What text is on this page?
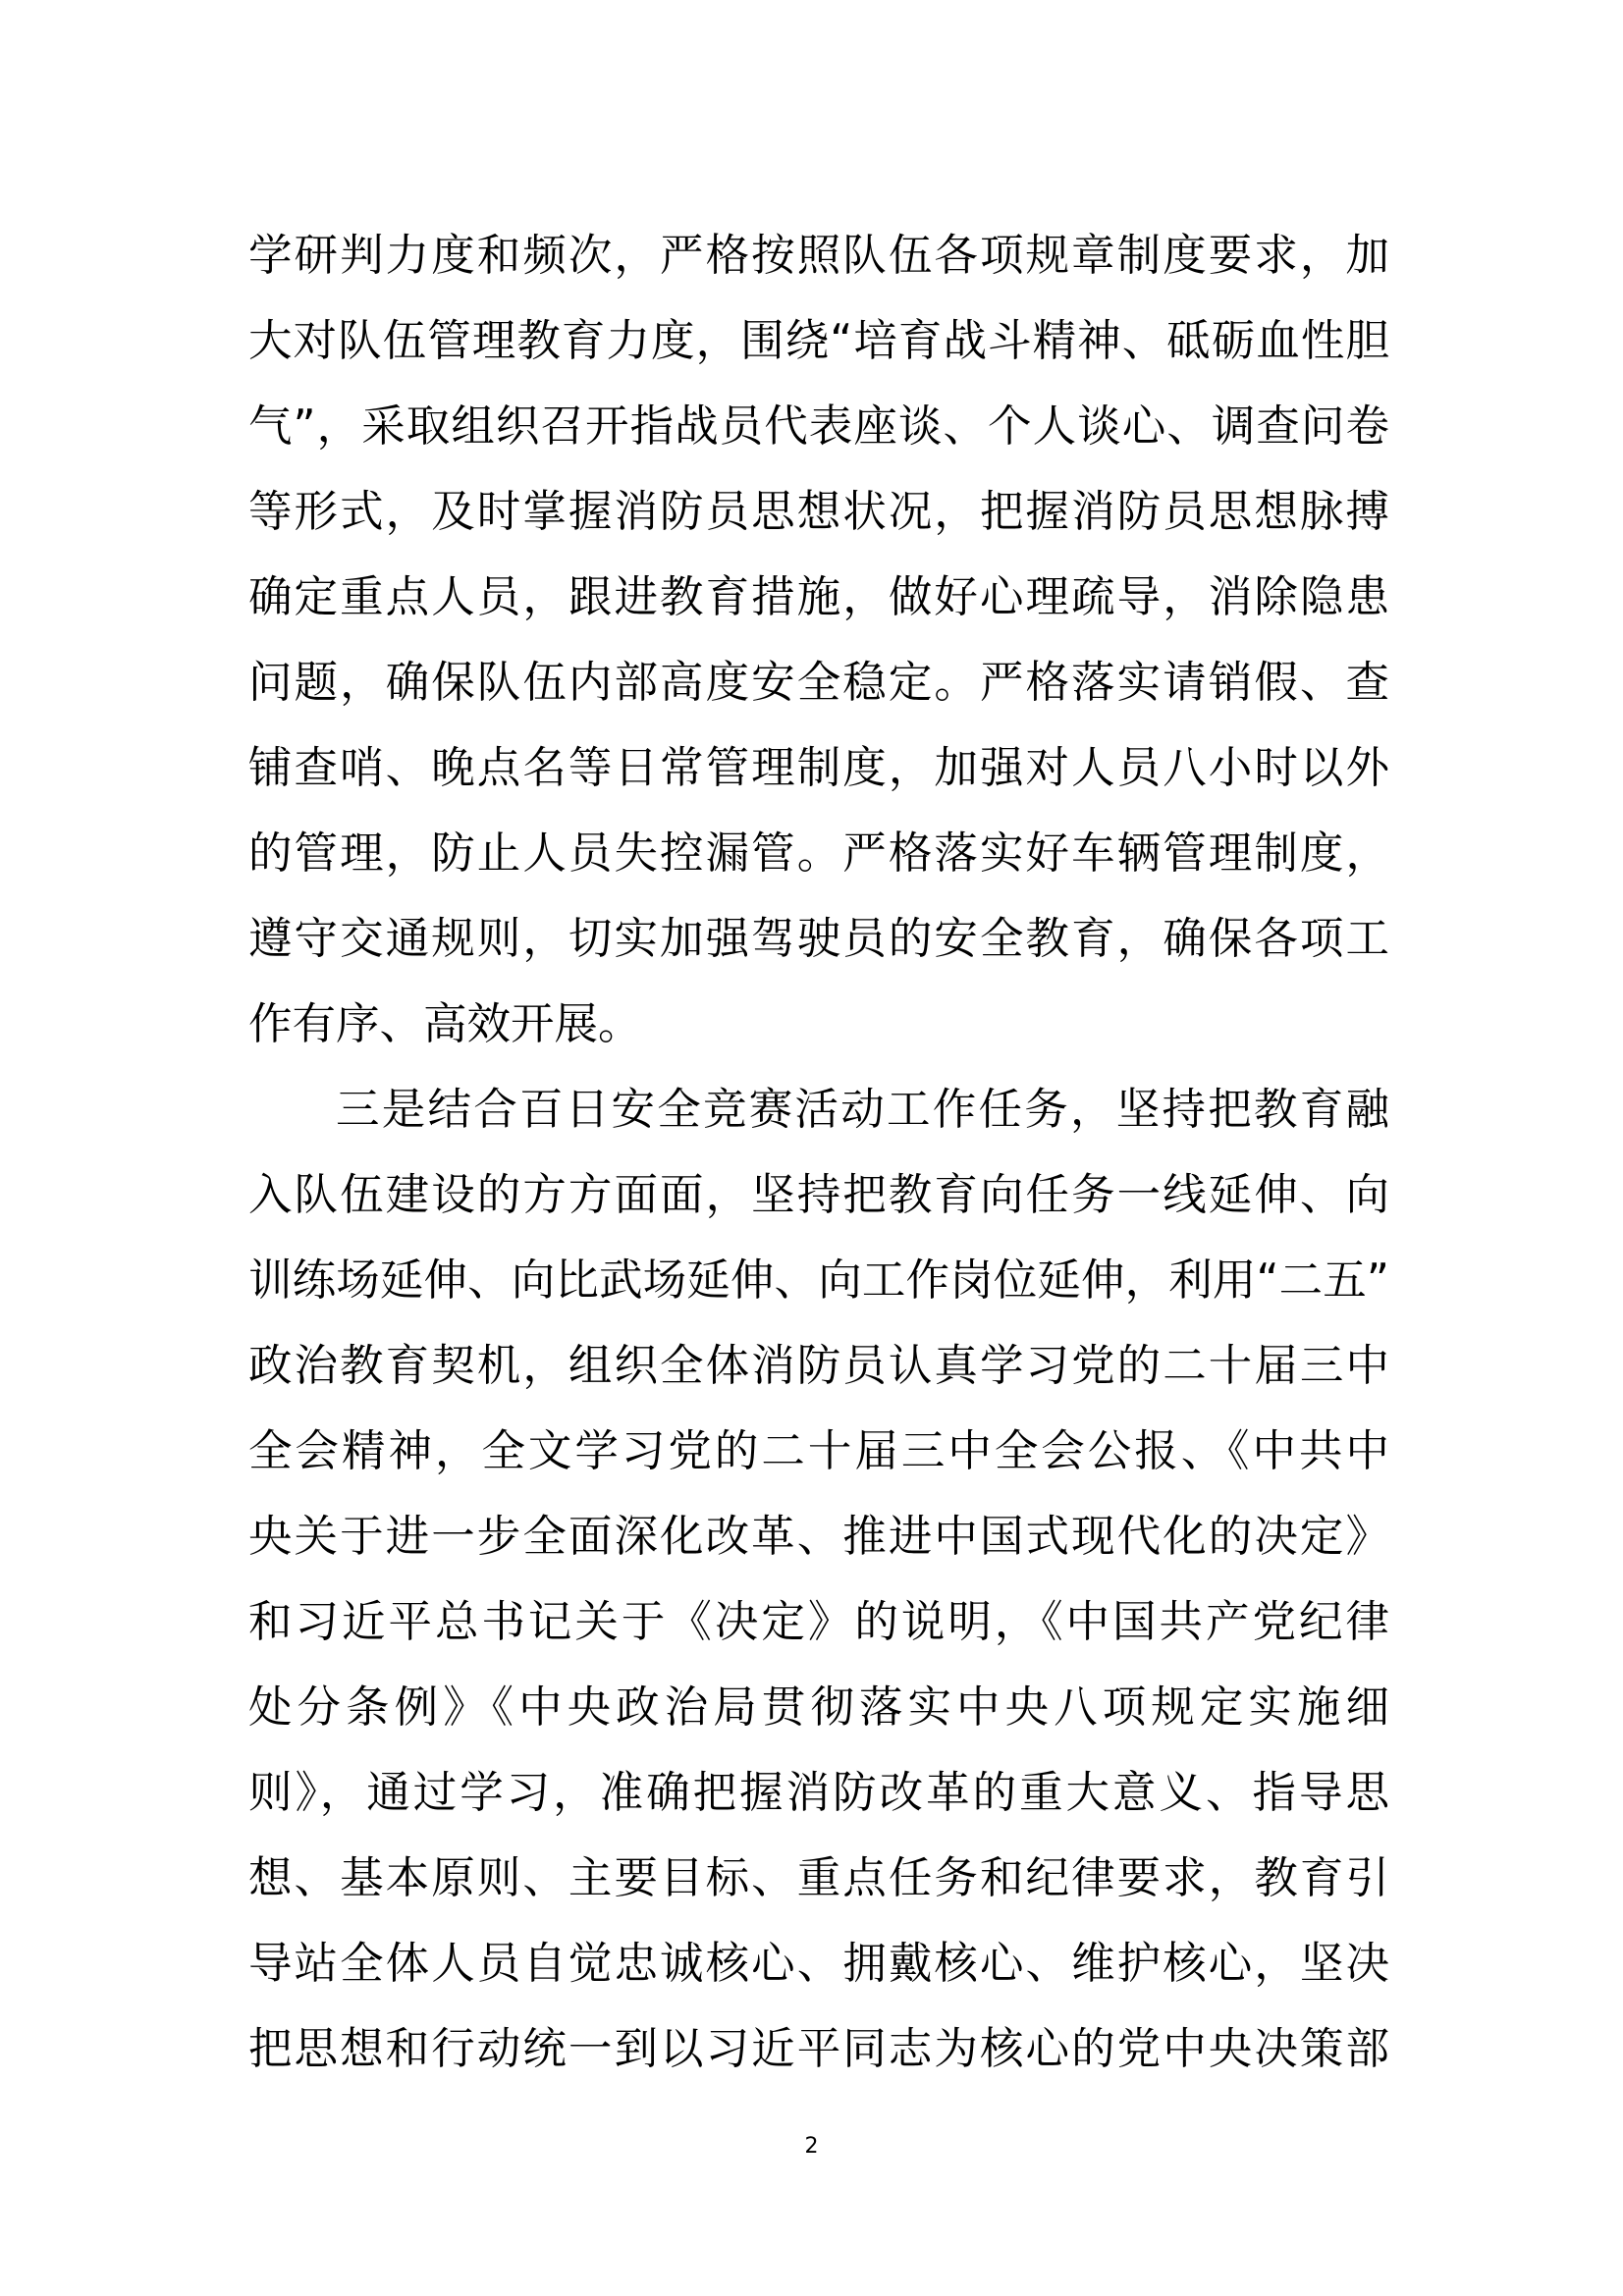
学研判力度和频次，严格按照队伍各项规章制度要求，加
大对队伍管理教育力度，围绕“培育战斗精神、砥砺血性胆
气”，采取组织召开指战员代表座谈、个人谈心、调查问卷
等形式，及时掌握消防员思想状况，把握消防员思想脉搏
确定重点人员，跟进教育措施，做好心理疏导，消除隐患
问题，确保队伍内部高度安全稳定。严格落实请销假、查
铺查哨、晚点名等日常管理制度，加强对人员八小时以外
的管理，防止人员失控漏管。严格落实好车辆管理制度，
遵守交通规则，切实加强驾驶员的安全教育，确保各项工
作有序、高效开展。
三是结合百日安全竞赛活动工作任务，坚持把教育融
入队伍建设的方方面面，坚持把教育向任务一线延伸、向
训练场延伸、向比武场延伸、向工作岗位延伸，利用“二五”
政治教育契机，组织全体消防员认真学习党的二十届三中
全会精神，全文学习党的二十届三中全会公报、《中共中
央关于进一步全面深化改革、推进中国式现代化的决定》
和习近平总书记关于《决定》的说明，《中国共产党纪律
处分条例》《中央政治局贯彻落实中央八项规定实施细
则》，通过学习，准确把握消防改革的重大意义、指导思
想、基本原则、主要目标、重点任务和纪律要求，教育引
导站全体人员自觉忠诚核心、拥戴核心、维护核心，坚决
把思想和行动统一到以习近平同志为核心的党中央决策部
2
